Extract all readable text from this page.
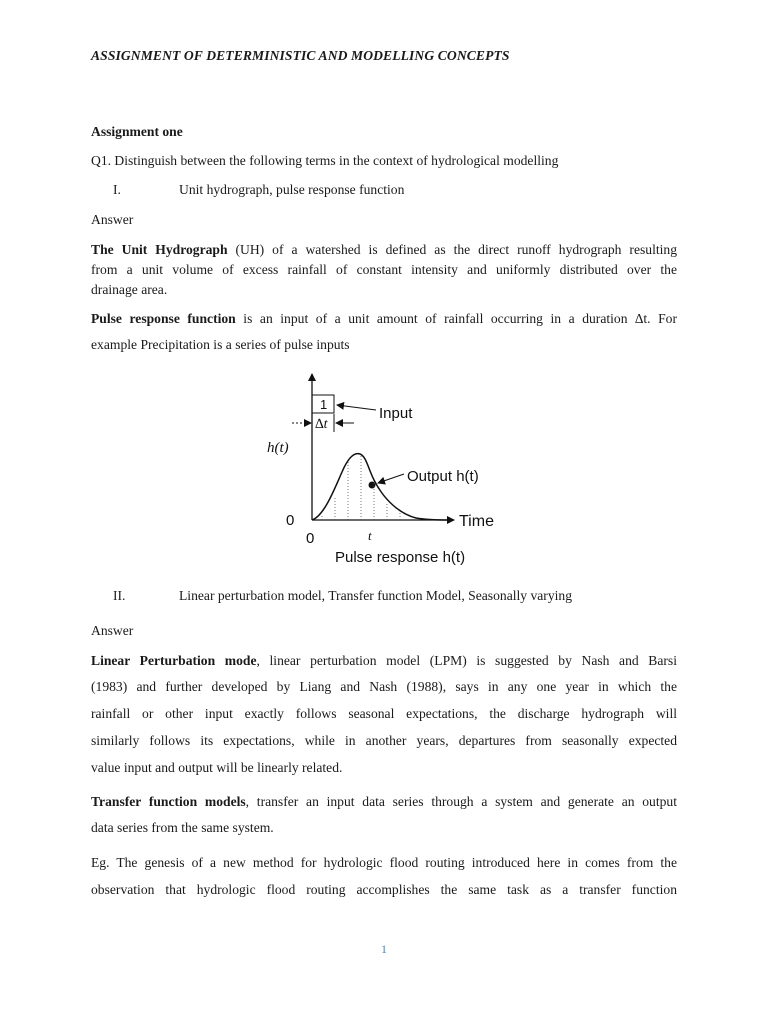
ASSIGNMENT OF DETERMINISTIC AND MODELLING CONCEPTS
Assignment one
Q1. Distinguish between the following terms in the context of hydrological modelling
I.	Unit hydrograph, pulse response function
Answer
The Unit Hydrograph (UH) of a watershed is defined as the direct runoff hydrograph resulting
from a unit volume of excess rainfall of constant intensity and uniformly distributed over the
drainage area.
Pulse response function is an input of a unit amount of rainfall occurring in a duration ∆t. For
example Precipitation is a series of pulse inputs
1
∆t
Input
h(t)
Output h(t)
0
0	t
Time
Pulse response h(t)
II.	Linear perturbation model, Transfer function Model, Seasonally varying
Answer
Linear Perturbation mode, linear perturbation model (LPM) is suggested by Nash and Barsi
(1983) and further developed by Liang and Nash (1988), says in any one year in which the
rainfall or other input exactly follows seasonal expectations, the discharge hydrograph will
similarly follows its expectations, while in another years, departures from seasonally expected
value input and output will be linearly related.
Transfer function models, transfer an input data series through a system and generate an output
data series from the same system.
Eg. The genesis of a new method for hydrologic flood routing introduced here in comes from the
observation that hydrologic flood routing accomplishes the same task as a transfer function
1
